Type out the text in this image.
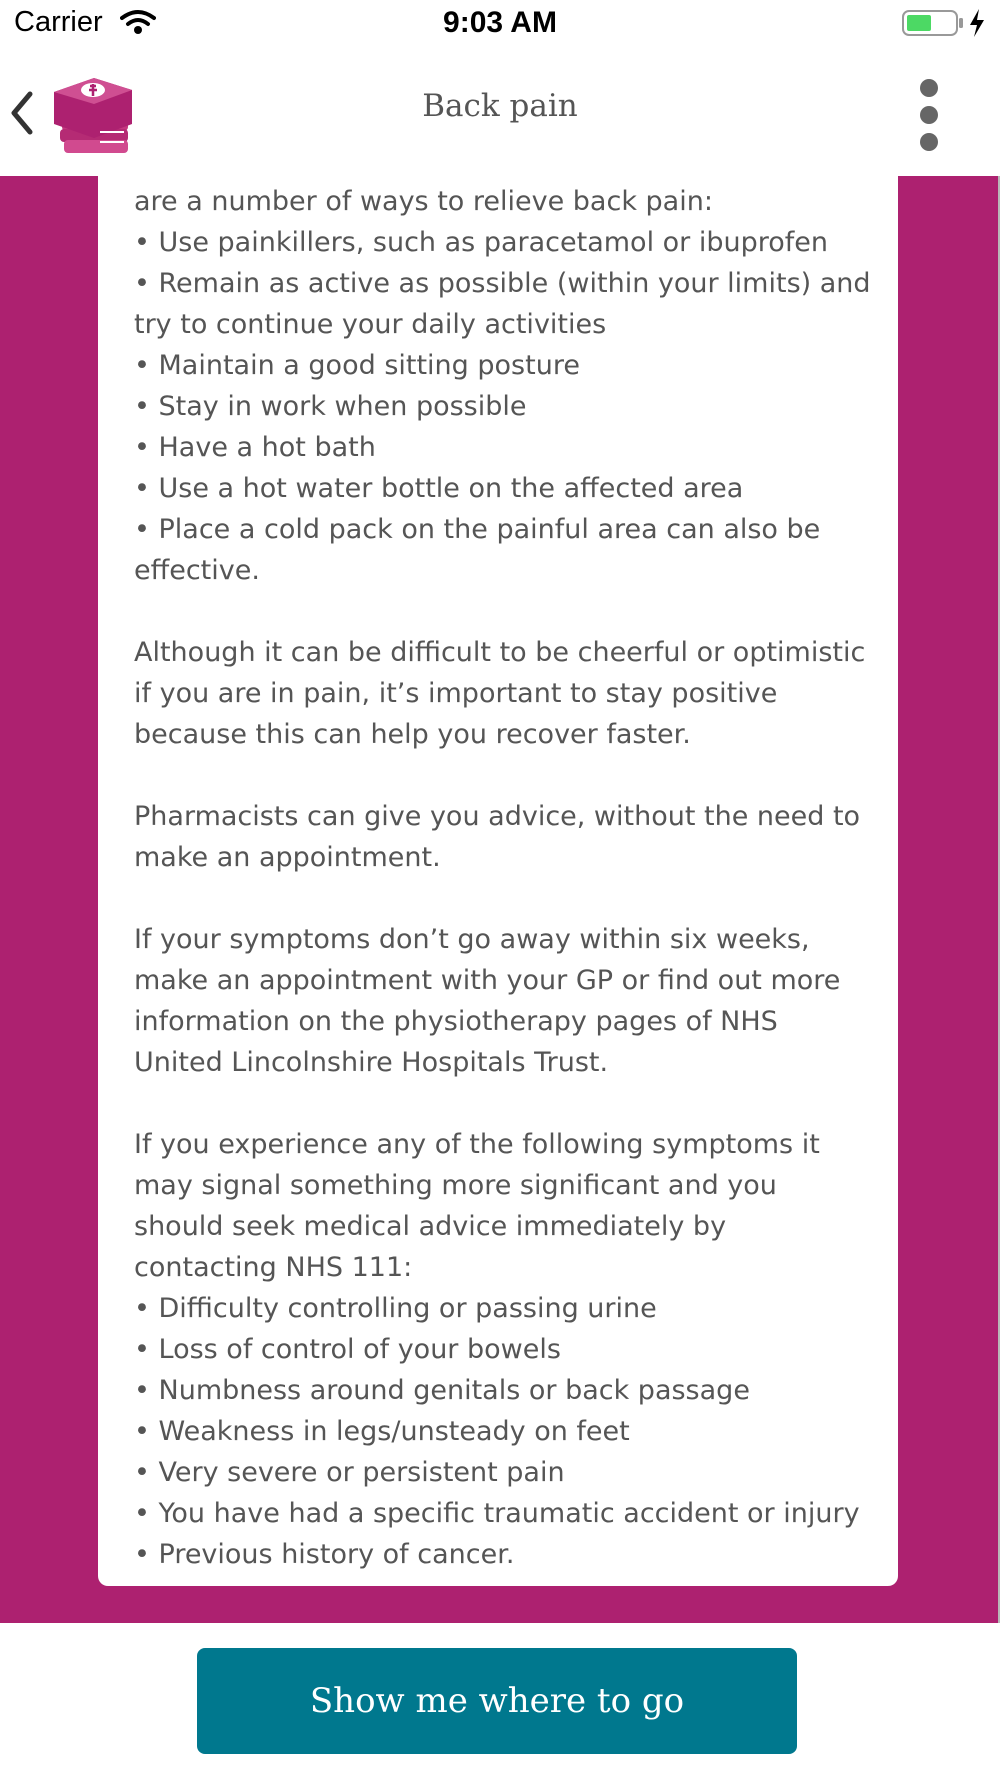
Carrier	9:03 AM
Back pain

are a number of ways to relieve back pain:

• Use painkillers, such as paracetamol or ibuprofen

• Remain as active as possible (within your limits) and try to continue your daily activities

• Maintain a good sitting posture

• Stay in work when possible

• Have a hot bath

• Use a hot water bottle on the affected area

• Place a cold pack on the painful area can also be effective.

Although it can be difficult to be cheerful or optimistic if you are in pain, it’s important to stay positive because this can help you recover faster.

Pharmacists can give you advice, without the need to make an appointment.

If your symptoms don’t go away within six weeks, make an appointment with your GP or find out more information on the physiotherapy pages of NHS United Lincolnshire Hospitals Trust.

If you experience any of the following symptoms it may signal something more significant and you should seek medical advice immediately by contacting NHS 111:

• Difficulty controlling or passing urine

• Loss of control of your bowels

• Numbness around genitals or back passage

• Weakness in legs/unsteady on feet

• Very severe or persistent pain

• You have had a specific traumatic accident or injury

• Previous history of cancer.

Show me where to go
